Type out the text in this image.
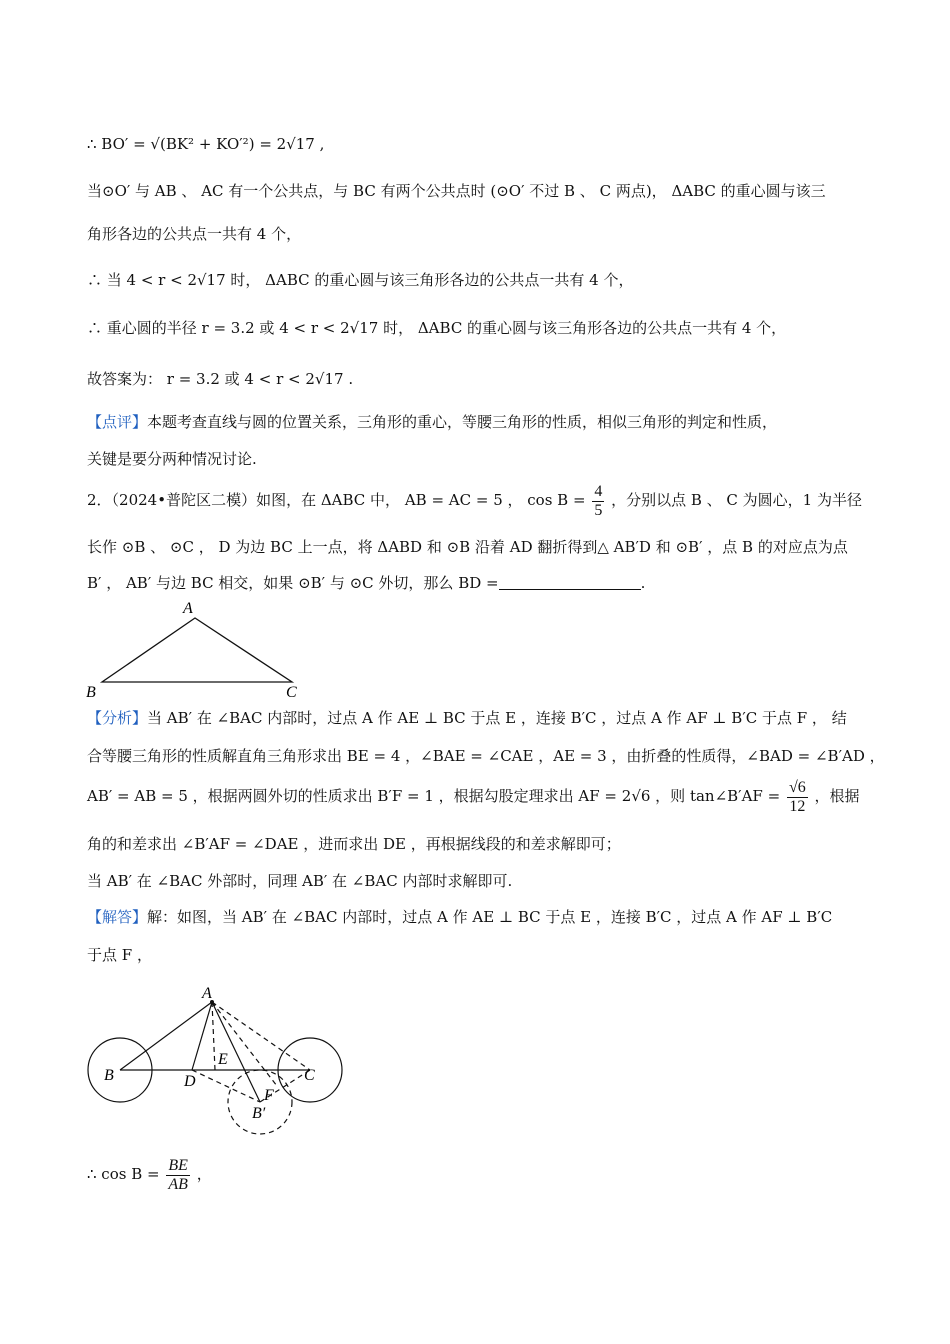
∴ BO′ = √(BK² + KO′²) = 2√17 ,
当⊙O′ 与 AB 、 AC 有一个公共点，与 BC 有两个公共点时 (⊙O′ 不过 B 、 C 两点)， ΔABC 的重心圆与该三
角形各边的公共点一共有 4 个，
∴ 当 4 < r < 2√17 时， ΔABC 的重心圆与该三角形各边的公共点一共有 4 个，
∴ 重心圆的半径 r = 3.2 或 4 < r < 2√17 时， ΔABC 的重心圆与该三角形各边的公共点一共有 4 个，
故答案为： r = 3.2 或 4 < r < 2√17 .
【点评】本题考查直线与圆的位置关系，三角形的重心，等腰三角形的性质，相似三角形的判定和性质，
关键是要分两种情况讨论.
2．（2024•普陀区二模）如图，在 ΔABC 中， AB = AC = 5 ， $\cos B = \frac{4}{5}$ ，分别以点 B 、 C 为圆心，1 为半径
长作 ⊙B 、 ⊙C ， D 为边 BC 上一点，将 ΔABD 和 ⊙B 沿着 AD 翻折得到△ AB′D 和 ⊙B′ ，点 B 的对应点为点
B′ ， AB′ 与边 BC 相交，如果 ⊙B′ 与 ⊙C 外切，那么 BD =	.
A
B	C
【分析】当 AB′ 在 ∠BAC 内部时，过点 A 作 AE ⊥ BC 于点 E ，连接 B′C ，过点 A 作 AF ⊥ B′C 于点 F ， 结
合等腰三角形的性质解直角三角形求出 BE = 4 ，∠BAE = ∠CAE ，AE = 3 ，由折叠的性质得，∠BAD = ∠B′AD ，
AB′ = AB = 5 ，根据两圆外切的性质求出 B′F = 1 ，根据勾股定理求出 AF = 2√6 ，则 tan∠B′AF = $\frac{√6}{12}$ ，根据
角的和差求出 ∠B′AF = ∠DAE ，进而求出 DE ，再根据线段的和差求解即可；
当 AB′ 在 ∠BAC 外部时，同理 AB′ 在 ∠BAC 内部时求解即可.
【解答】解：如图，当 AB′ 在 ∠BAC 内部时，过点 A 作 AE ⊥ BC 于点 E ，连接 B′C ，过点 A 作 AF ⊥ B′C
于点 F ，
A
B	C
D
E
F
B′
∴ $\cos B = \frac{BE}{AB}$ ，
